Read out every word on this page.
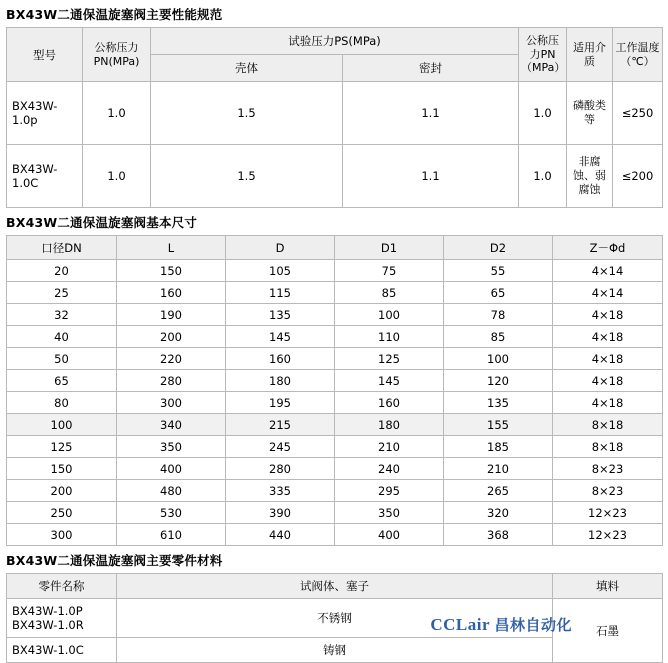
BX43W二通保温旋塞阀主要性能规范
型号	公称压力PN(MPa)	试验压力PS(MPa)		公称压力PN（MPa）	适用介质	工作温度（℃）
		壳体	密封			
BX43W-1.0p	1.0	1.5	1.1	1.0	磷酸类等	≤250
BX43W-1.0C	1.0	1.5	1.1	1.0	非腐蚀、弱腐蚀	≤200
BX43W二通保温旋塞阀基本尺寸
口径DN	L	D	D1	D2	Z－Φd
20	150	105	75	55	4×14
25	160	115	85	65	4×14
32	190	135	100	78	4×18
40	200	145	110	85	4×18
50	220	160	125	100	4×18
65	280	180	145	120	4×18
80	300	195	160	135	4×18
100	340	215	180	155	8×18
125	350	245	210	185	8×18
150	400	280	240	210	8×23
200	480	335	295	265	8×23
250	530	390	350	320	12×23
300	610	440	400	368	12×23
BX43W二通保温旋塞阀主要零件材料
零件名称	试阀体、塞子	填料

BX43W-1.0P
BX43W-1.0R	不锈钢	石墨
BX43W-1.0C	铸钢	
CCLair 昌林自动化
